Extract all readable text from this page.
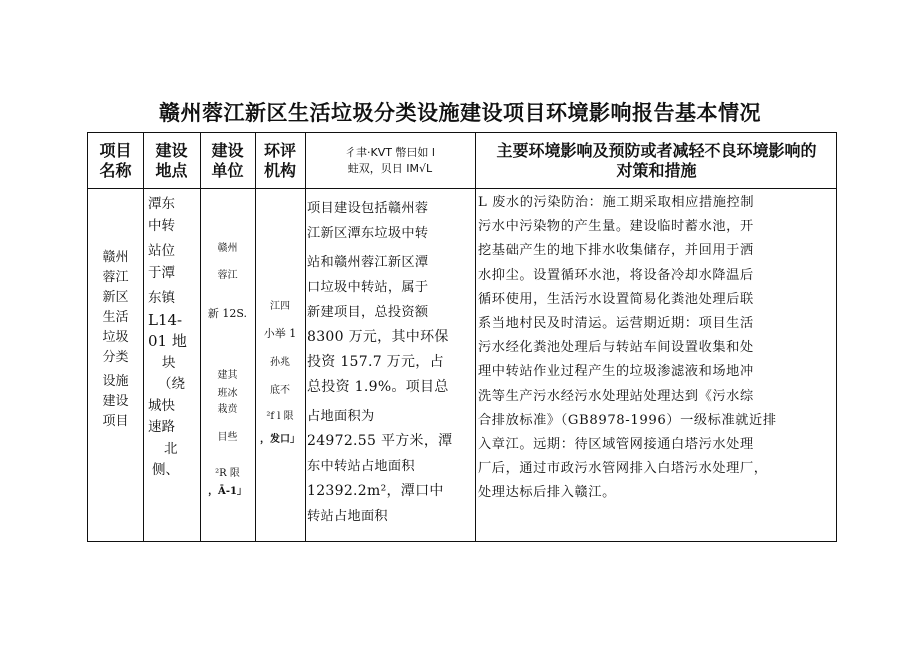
赣州蓉江新区生活垃圾分类设施建设项目环境影响报告基本情况
项目
名称
建设
地点
建设
单位
环评
机构
彳聿·KVT 幣曰如 l
蛀双，贝日 IM√L
主要环境影响及预防或者减轻不良环境影响的
对策和措施
赣州
蓉江
新区
生活
垃圾
分类
设施
建设
项目
潭东
中转
站位
于潭
东镇
L14-
01 地
块
（绕
城快
速路
北
侧、
赣州
蓉江
新 12S.
建其
班冰
栽贲
目些
²R 限
，Ā-1」
江四
小举 1
孙兆
底不
²f l 限
，发口」
项目建设包括赣州蓉
江新区潭东垃圾中转
站和赣州蓉江新区潭
口垃圾中转站，属于
新建项目，总投资额
8300 万元，其中环保
投资 157.7 万元，占
总投资 1.9%。项目总
占地面积为
24972.55 平方米，潭
东中转站占地面积
12392.2m²，潭口中
转站占地面积
L 废水的污染防治：施工期采取相应措施控制
污水中污染物的产生量。建设临时蓄水池，开
挖基础产生的地下排水收集储存，并回用于洒
水抑尘。设置循环水池，将设备冷却水降温后
循环使用，生活污水设置简易化粪池处理后联
系当地村民及时清运。运营期近期：项目生活
污水经化粪池处理后与转站车间设置收集和处
理中转站作业过程产生的垃圾渗滤液和场地冲
洗等生产污水经污水处理站处理达到《污水综
合排放标准》（GB8978-1996）一级标准就近排
入章江。远期：待区域管网接通白塔污水处理
厂后，通过市政污水管网排入白塔污水处理厂，
处理达标后排入赣江。
